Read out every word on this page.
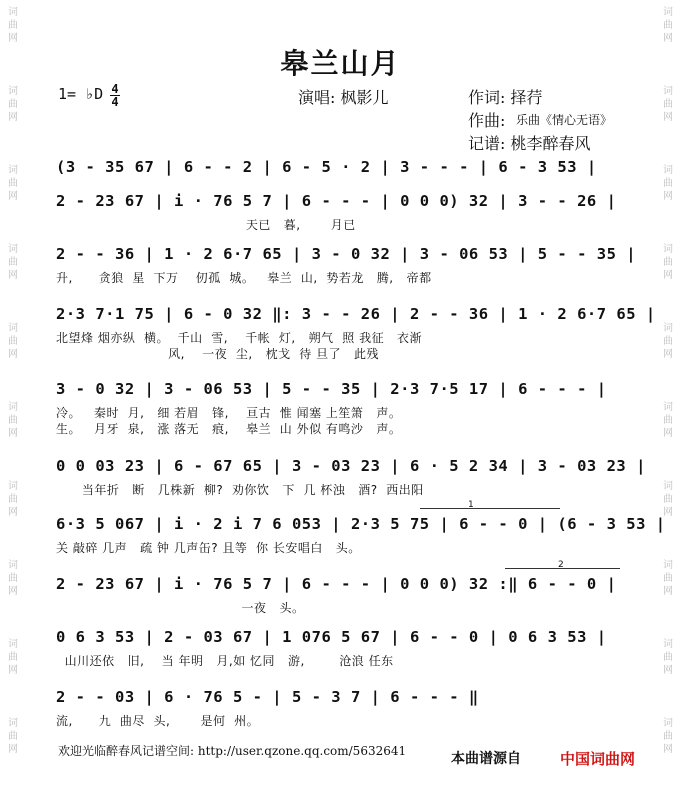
词
曲
网
词
曲
网
词
曲
网
词
曲
网
词
曲
网
词
曲
网
词
曲
网
词
曲
网
词
曲
网
词
曲
网
词
曲
网
词
曲
网
词
曲
网
词
曲
网
词
曲
网
词
曲
网
词
曲
网
词
曲
网
词
曲
网
词
曲
网
皋兰山月
1= ♭D 4
4	演唱: 枫影儿	作词: 择荇
作曲: 乐曲《情心无语》
记谱: 桃李醉春风
(3 - 35 67 | 6 - - 2 | 6 - 5 · 2 | 3 - - - | 6 - 3 53 |
2 - 23 67 | i · 76 5 7 | 6 - - - | 0 0 0) 32 | 3 - - 26 |
天已   暮,       月已
2 - - 36 | 1 · 2 6·7 65 | 3 - 0 32 | 3 - 06 53 | 5 - - 35 |
升,      贪狼  星  下万    仞孤  城。   皋兰  山,  势若龙   腾,   帝都
2·3 7·1 75 | 6 - 0 32 ‖: 3 - - 26 | 2 - - 36 | 1 · 2 6·7 65 |
北望烽 烟亦纵  横。  千山  雪,    千帐  灯,   朔气  照 我征   衣渐
风,    一夜  尘,   枕戈  待 旦了   此残
3 - 0 32 | 3 - 06 53 | 5 - - 35 | 2·3 7·5 17 | 6 - - - |
冷。   秦时  月,   细 若眉   锋,    亘古  惟 闻塞 上笙箫   声。
生。   月牙  泉,   涨 落无   痕,    皋兰  山 外似 有鸣沙   声。
0 0 03 23 | 6 - 67 65 | 3 - 03 23 | 6 · 5 2 34 | 3 - 03 23 |
当年折   断   几株新  柳?  劝你饮   下  几 杯浊   酒?  西出阳
6·3 5 067 | i · 2 i 7 6 053 | 2·3 5 75 | 6 - - 0 | (6 - 3 53 |
关 敲碎 几声   疏 钟 几声缶? 且等  你 长安唱白   头。
2 - 23 67 | i · 76 5 7 | 6 - - - | 0 0 0) 32 :‖ 6 - - 0 |
一夜   头。
0 6 3 53 | 2 - 03 67 | 1 076 5 67 | 6 - - 0 | 0 6 3 53 |
山川还依   旧,    当 年明   月,如 忆同   游,        沧浪 任东
2 - - 03 | 6 · 76 5 - | 5 - 3 7 | 6 - - - ‖
流,      九  曲尽  头,       是何  州。
1
2
欢迎光临醉春风记谱空间: http://user.qzone.qq.com/5632641	本曲谱源自	中国词曲网
